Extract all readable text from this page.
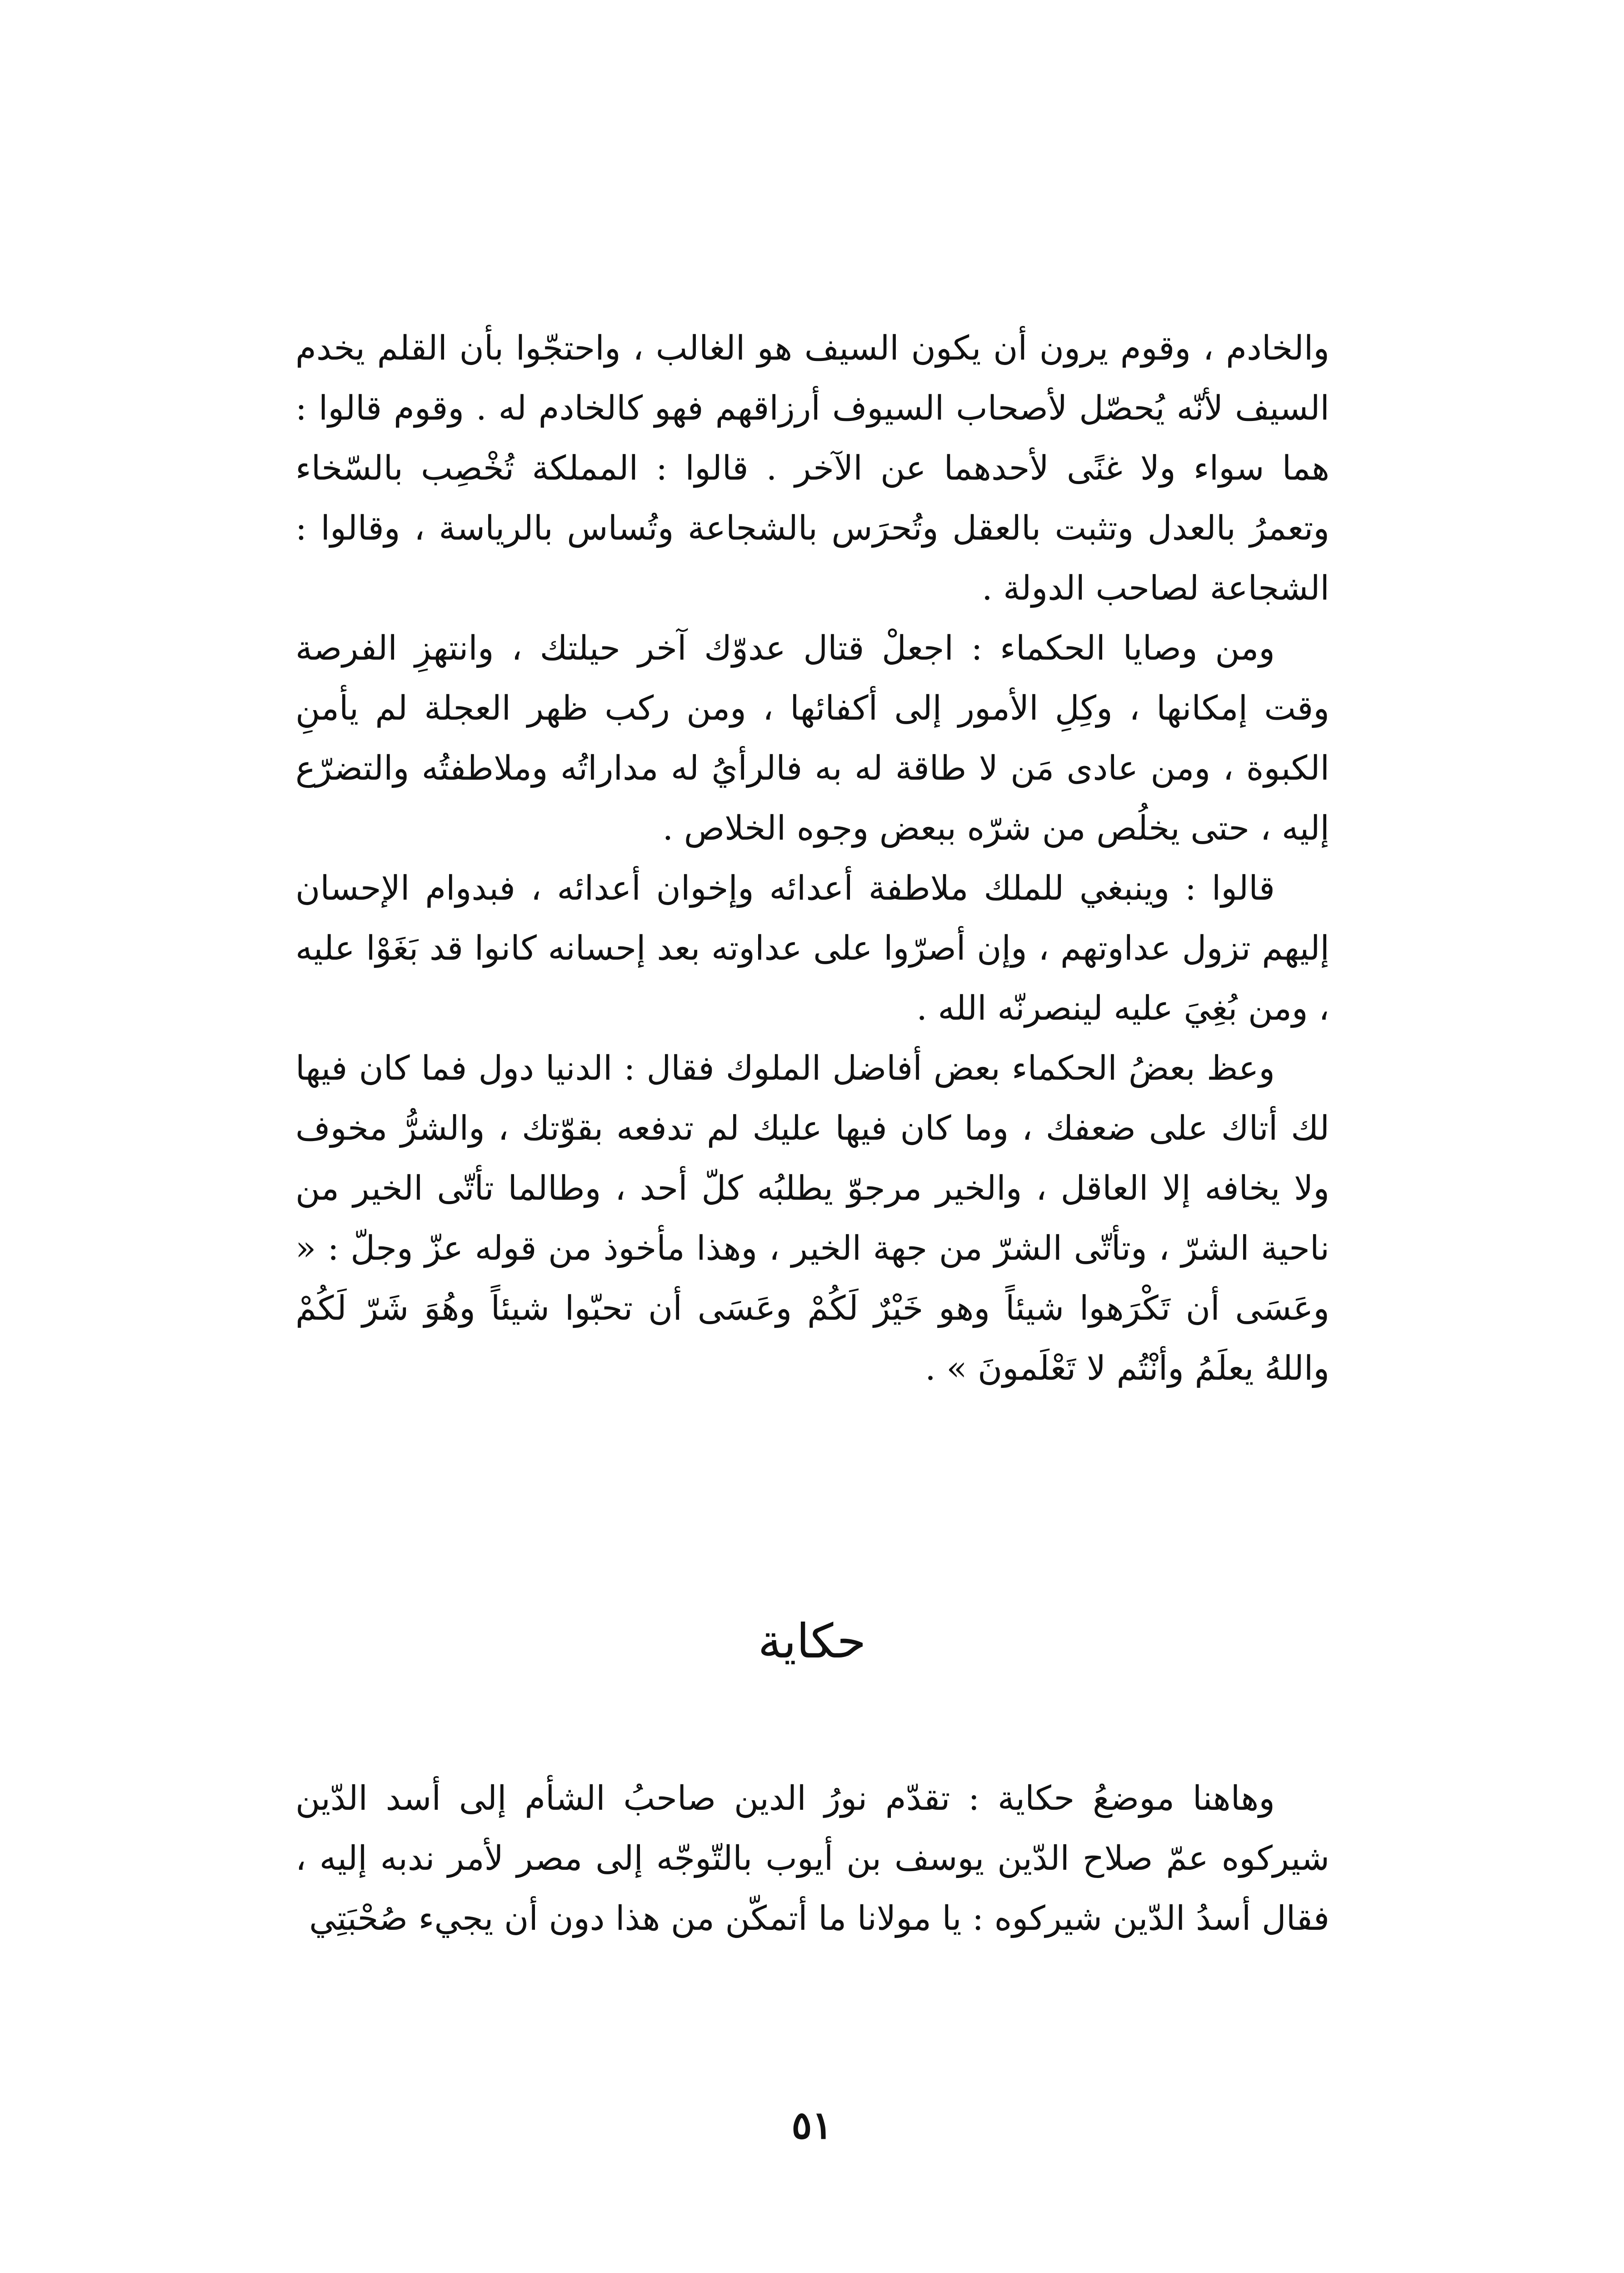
والخادم ، وقوم يرون أن يكون السيف هو الغالب ، واحتجّوا بأن القلم يخدم السيف لأنّه يُحصّل لأصحاب السيوف أرزاقهم فهو كالخادم له . وقوم قالوا : هما سواء ولا غنًى لأحدهما عن الآخر . قالوا : المملكة تُخْصِب بالسّخاء وتعمرُ بالعدل وتثبت بالعقل وتُحرَس بالشجاعة وتُساس بالرياسة ، وقالوا : الشجاعة لصاحب الدولة .

ومن وصايا الحكماء : اجعلْ قتال عدوّك آخر حيلتك ، وانتهزِ الفرصة وقت إمكانها ، وكِلِ الأمور إلى أكفائها ، ومن ركب ظهر العجلة لم يأمنِ الكبوة ، ومن عادى مَن لا طاقة له به فالرأيُ له مداراتُه وملاطفتُه والتضرّع إليه ، حتى يخلُص من شرّه ببعض وجوه الخلاص .

قالوا : وينبغي للملك ملاطفة أعدائه وإخوان أعدائه ، فبدوام الإحسان إليهم تزول عداوتهم ، وإن أصرّوا على عداوته بعد إحسانه كانوا قد بَغَوْا عليه ، ومن بُغِيَ عليه لينصرنّه الله .

وعظ بعضُ الحكماء بعض أفاضل الملوك فقال : الدنيا دول فما كان فيها لك أتاك على ضعفك ، وما كان فيها عليك لم تدفعه بقوّتك ، والشرُّ مخوف ولا يخافه إلا العاقل ، والخير مرجوّ يطلبُه كلّ أحد ، وطالما تأتّى الخير من ناحية الشرّ ، وتأتّى الشرّ من جهة الخير ، وهذا مأخوذ من قوله عزّ وجلّ : « وعَسَى أن تَكْرَهوا شيئاً وهو خَيْرٌ لَكُمْ وعَسَى أن تحبّوا شيئاً وهُوَ شَرّ لَكُمْ واللهُ يعلَمُ وأنْتُم لا تَعْلَمونَ » .

حكاية

وهاهنا موضعُ حكاية : تقدّم نورُ الدين صاحبُ الشأم إلى أسد الدّين شيركوه عمّ صلاح الدّين يوسف بن أيوب بالتّوجّه إلى مصر لأمر ندبه إليه ، فقال أسدُ الدّين شيركوه : يا مولانا ما أتمكّن من هذا دون أن يجيء صُحْبَتِي

٥١
